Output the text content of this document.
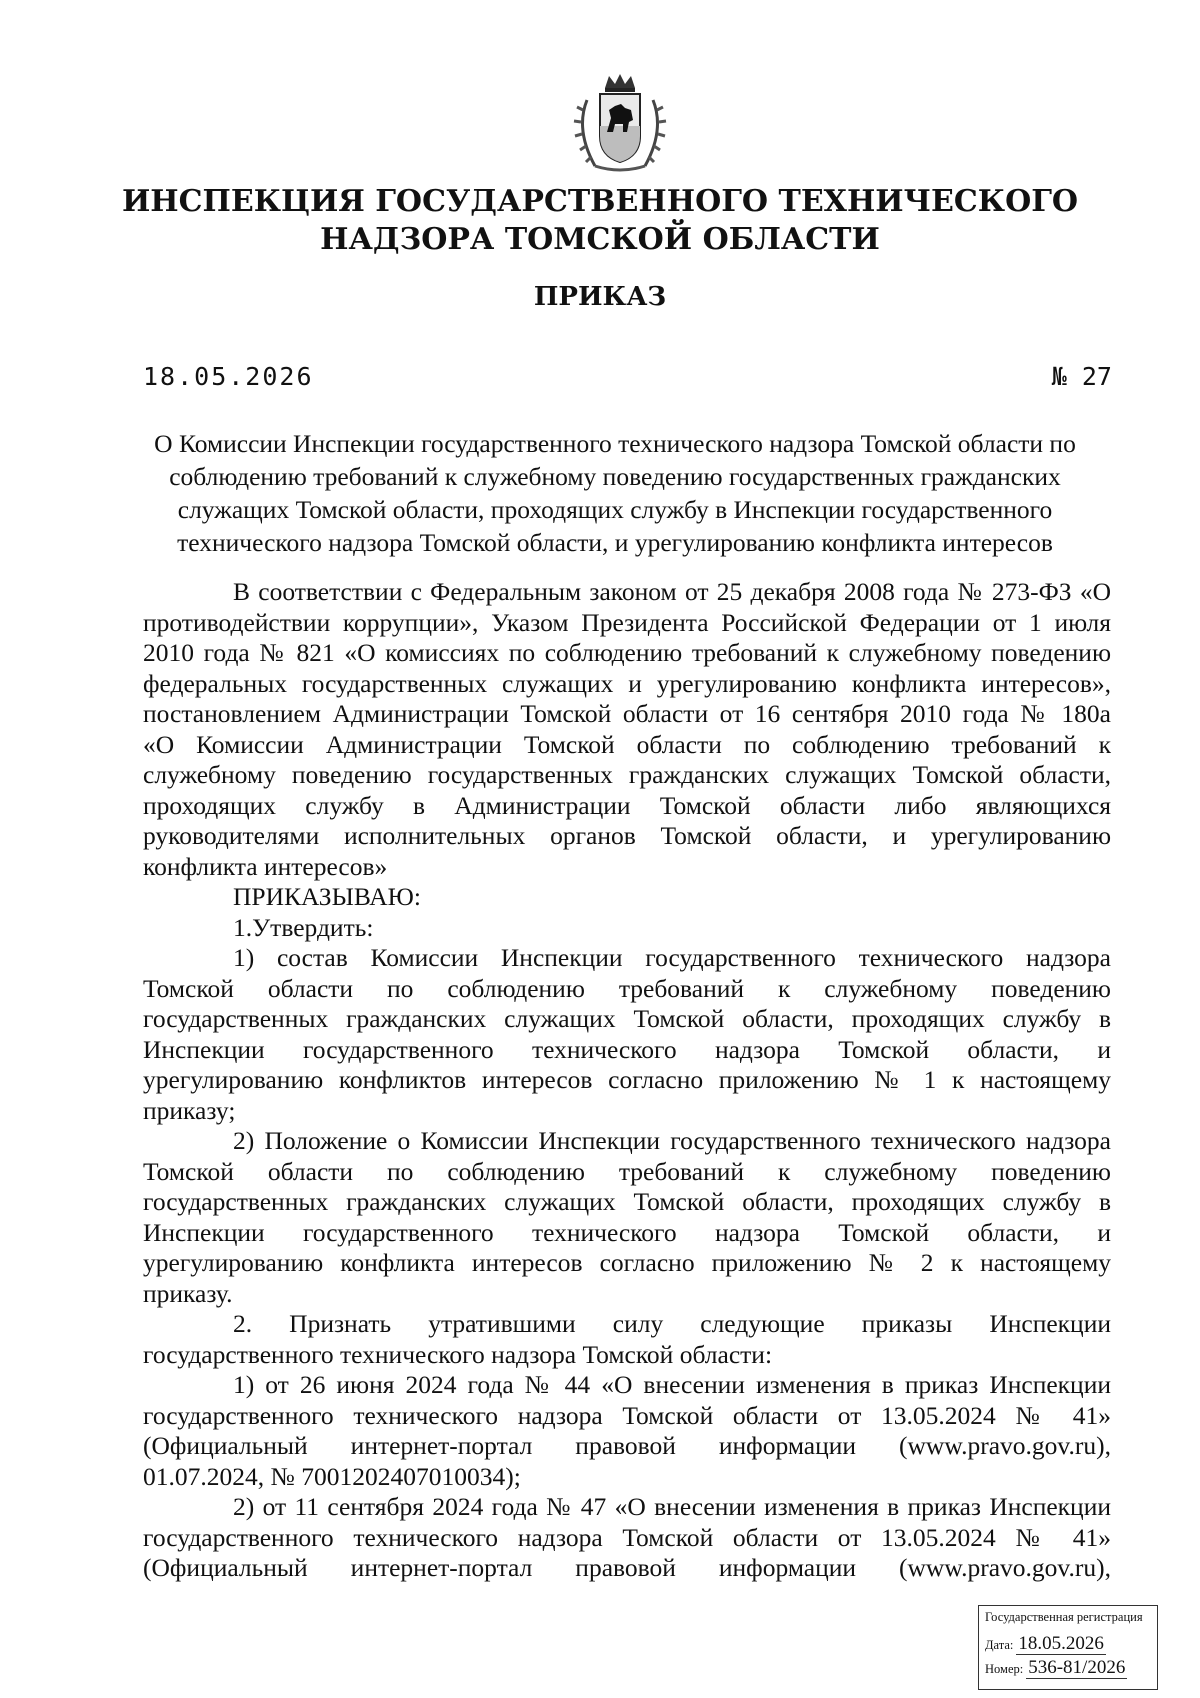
ИНСПЕКЦИЯ ГОСУДАРСТВЕННОГО ТЕХНИЧЕСКОГО
НАДЗОРА ТОМСКОЙ ОБЛАСТИ
ПРИКАЗ
18.05.2026	№ 27
О Комиссии Инспекции государственного технического надзора Томской области по
соблюдению требований к служебному поведению государственных гражданских
служащих Томской области, проходящих службу в Инспекции государственного
технического надзора Томской области, и урегулированию конфликта интересов
В соответствии с Федеральным законом от 25 декабря 2008 года № 273-ФЗ «О
противодействии коррупции», Указом Президента Российской Федерации от 1 июля
2010 года № 821 «О комиссиях по соблюдению требований к служебному поведению
федеральных государственных служащих и урегулированию конфликта интересов»,
постановлением Администрации Томской области от 16 сентября 2010 года № 180а
«О Комиссии Администрации Томской области по соблюдению требований к
служебному поведению государственных гражданских служащих Томской области,
проходящих службу в Администрации Томской области либо являющихся
руководителями исполнительных органов Томской области, и урегулированию
конфликта интересов»
ПРИКАЗЫВАЮ:
1.Утвердить:
1) состав Комиссии Инспекции государственного технического надзора
Томской области по соблюдению требований к служебному поведению
государственных гражданских служащих Томской области, проходящих службу в
Инспекции государственного технического надзора Томской области, и
урегулированию конфликтов интересов согласно приложению № 1 к настоящему
приказу;
2) Положение о Комиссии Инспекции государственного технического надзора
Томской области по соблюдению требований к служебному поведению
государственных гражданских служащих Томской области, проходящих службу в
Инспекции государственного технического надзора Томской области, и
урегулированию конфликта интересов согласно приложению № 2 к настоящему
приказу.
2. Признать утратившими силу следующие приказы Инспекции
государственного технического надзора Томской области:
1) от 26 июня 2024 года № 44 «О внесении изменения в приказ Инспекции
государственного технического надзора Томской области от 13.05.2024 № 41»
(Официальный интернет-портал правовой информации (www.pravo.gov.ru),
01.07.2024, № 7001202407010034);
2) от 11 сентября 2024 года № 47 «О внесении изменения в приказ Инспекции
государственного технического надзора Томской области от 13.05.2024 № 41»
(Официальный интернет-портал правовой информации (www.pravo.gov.ru),
Государственная регистрация
Дата: 18.05.2026
Номер: 536-81/2026
